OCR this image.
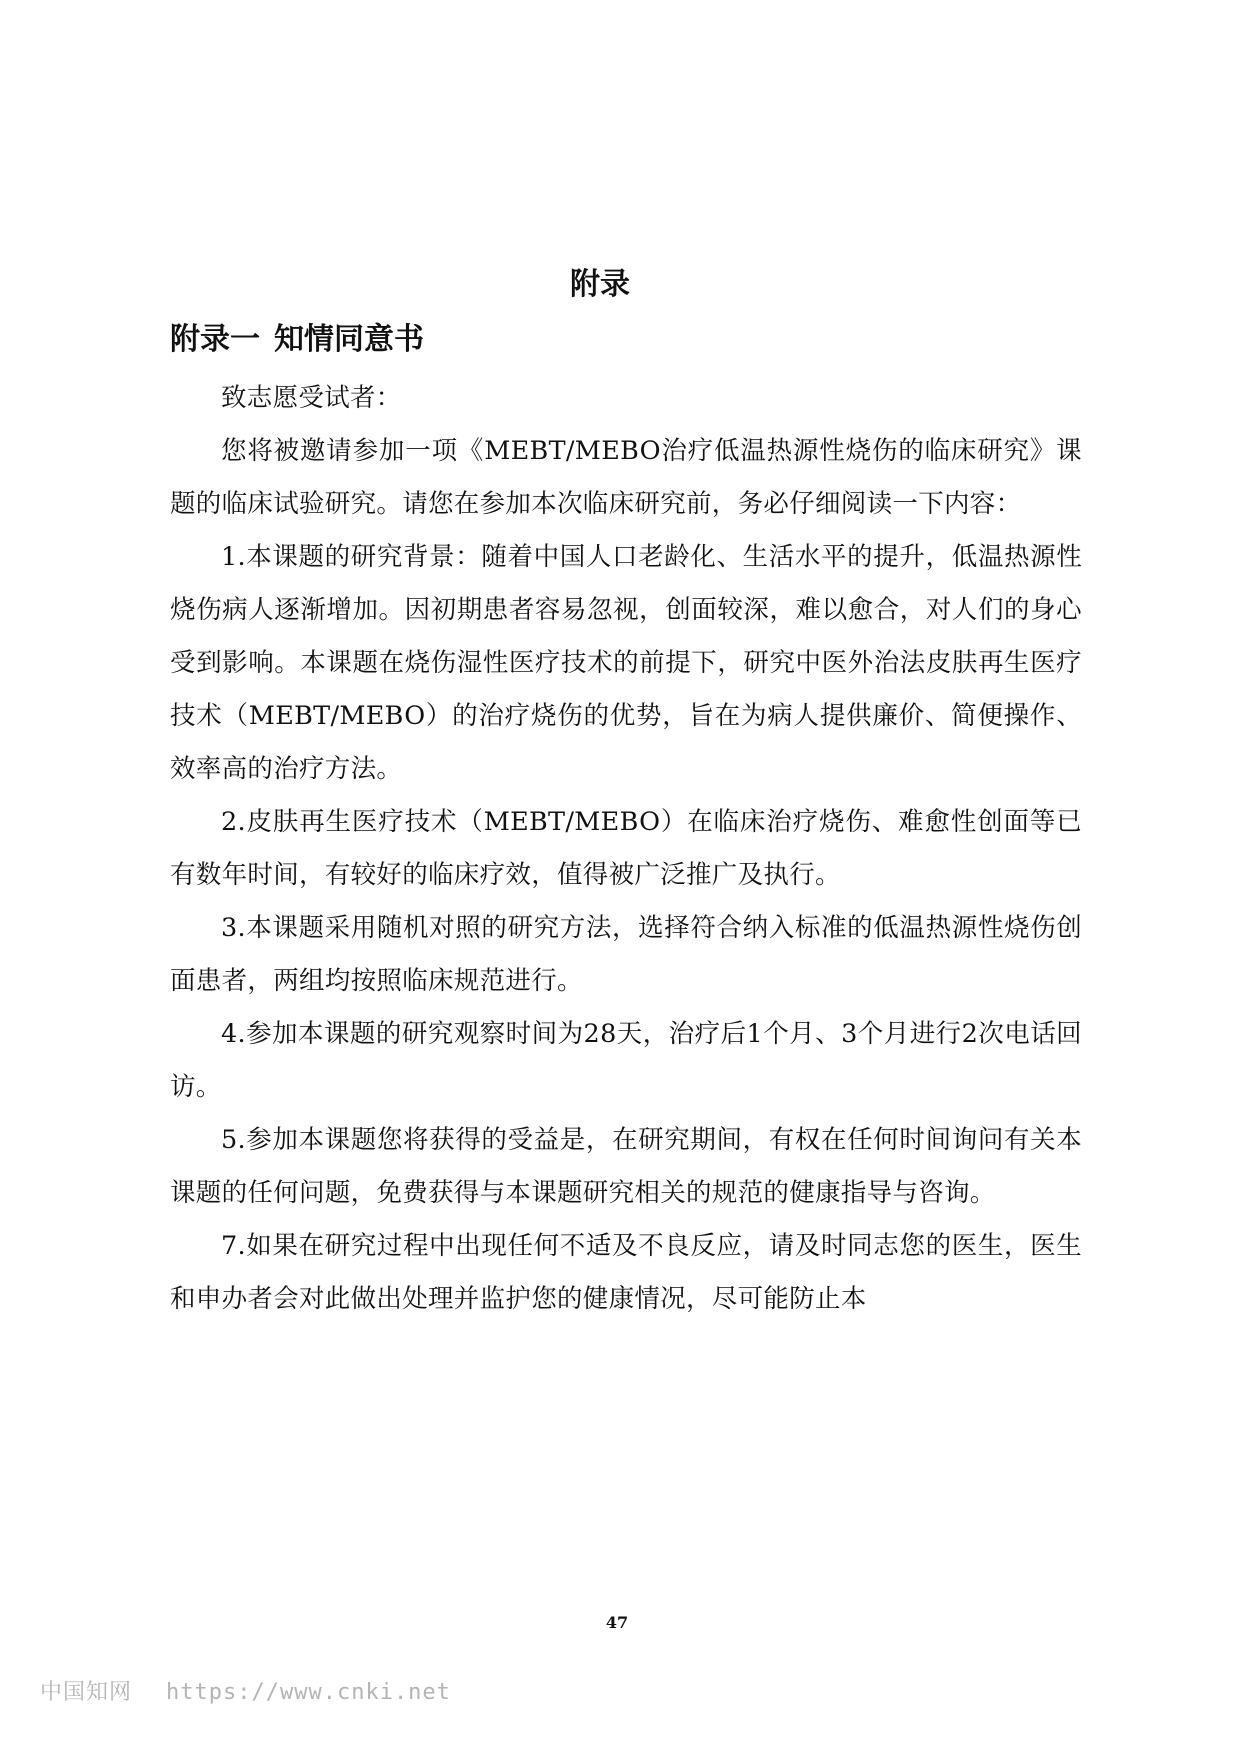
附录
附录一 知情同意书

致志愿受试者：

您将被邀请参加一项《MEBT/MEBO治疗低温热源性烧伤的临床研究》课题的临床试验研究。请您在参加本次临床研究前，务必仔细阅读一下内容：

1.本课题的研究背景：随着中国人口老龄化、生活水平的提升，低温热源性烧伤病人逐渐增加。因初期患者容易忽视，创面较深，难以愈合，对人们的身心受到影响。本课题在烧伤湿性医疗技术的前提下，研究中医外治法皮肤再生医疗技术（MEBT/MEBO）的治疗烧伤的优势，旨在为病人提供廉价、简便操作、效率高的治疗方法。

2.皮肤再生医疗技术（MEBT/MEBO）在临床治疗烧伤、难愈性创面等已有数年时间，有较好的临床疗效，值得被广泛推广及执行。

3.本课题采用随机对照的研究方法，选择符合纳入标准的低温热源性烧伤创面患者，两组均按照临床规范进行。

4.参加本课题的研究观察时间为28天，治疗后1个月、3个月进行2次电话回访。

5.参加本课题您将获得的受益是，在研究期间，有权在任何时间询问有关本课题的任何问题，免费获得与本课题研究相关的规范的健康指导与咨询。

7.如果在研究过程中出现任何不适及不良反应，请及时同志您的医生，医生和申办者会对此做出处理并监护您的健康情况，尽可能防止本

47
中国知网 https://www.cnki.net
